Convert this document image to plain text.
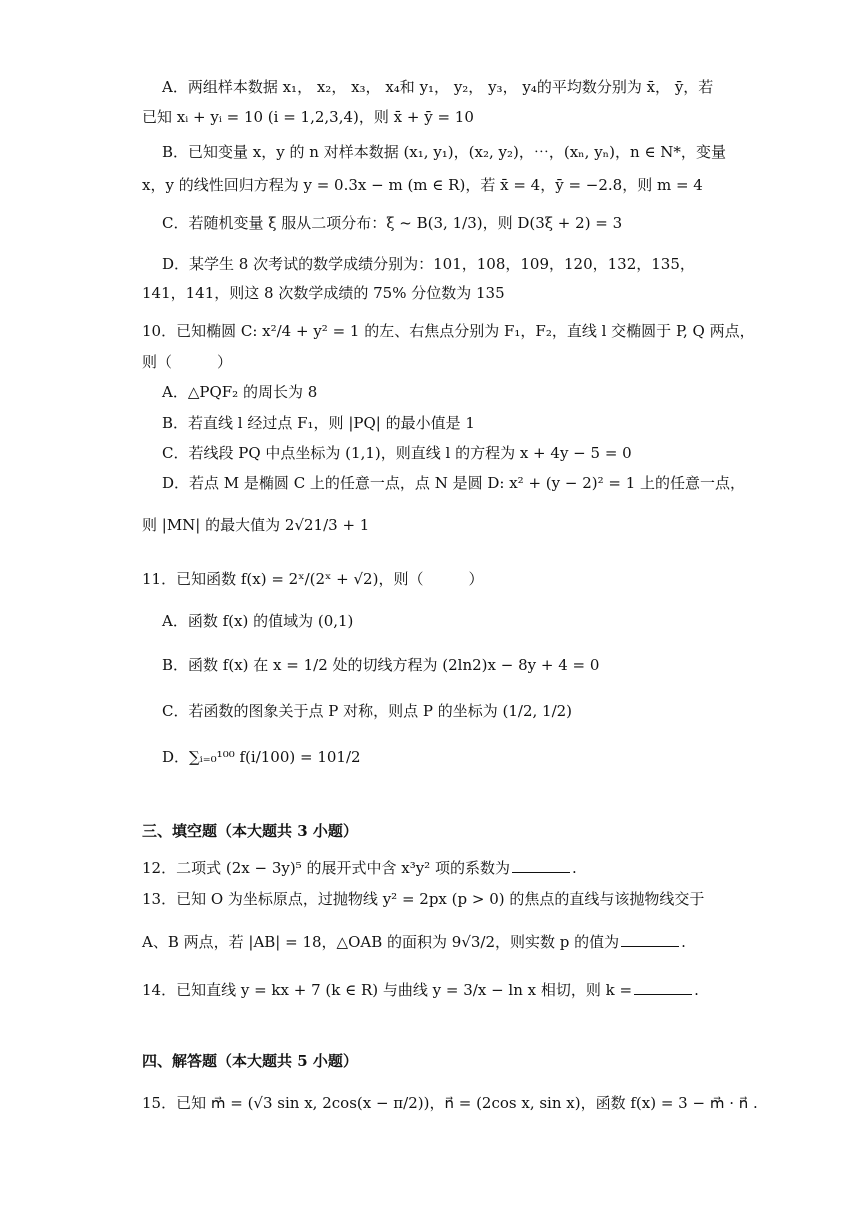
A．两组样本数据 x₁， x₂， x₃， x₄和 y₁， y₂， y₃， y₄的平均数分别为 x̄， ȳ，若
已知 xᵢ + yᵢ = 10 (i = 1,2,3,4)，则 x̄ + ȳ = 10
B．已知变量 x，y 的 n 对样本数据 (x₁, y₁)，(x₂, y₂)，⋯，(xₙ, yₙ)，n ∈ N*，变量
x，y 的线性回归方程为 y = 0.3x − m (m ∈ R)，若 x̄ = 4，ȳ = −2.8，则 m = 4
C．若随机变量 ξ 服从二项分布：ξ ~ B(3, 1/3)，则 D(3ξ + 2) = 3
D．某学生 8 次考试的数学成绩分别为：101，108，109，120，132，135，
141，141，则这 8 次数学成绩的 75% 分位数为 135
10．已知椭圆 C: x²/4 + y² = 1 的左、右焦点分别为 F₁，F₂，直线 l 交椭圆于 P, Q 两点，
则（　　　）
A．△PQF₂ 的周长为 8
B．若直线 l 经过点 F₁，则 |PQ| 的最小值是 1
C．若线段 PQ 中点坐标为 (1,1)，则直线 l 的方程为 x + 4y − 5 = 0
D．若点 M 是椭圆 C 上的任意一点，点 N 是圆 D: x² + (y − 2)² = 1 上的任意一点，
则 |MN| 的最大值为 2√21/3 + 1
11．已知函数 f(x) = 2ˣ/(2ˣ + √2)，则（　　　）
A．函数 f(x) 的值域为 (0,1)
B．函数 f(x) 在 x = 1/2 处的切线方程为 (2ln2)x − 8y + 4 = 0
C．若函数的图象关于点 P 对称，则点 P 的坐标为 (1/2, 1/2)
D．∑ᵢ₌₀¹⁰⁰ f(i/100) = 101/2
三、填空题（本大题共 3 小题）
12．二项式 (2x − 3y)⁵ 的展开式中含 x³y² 项的系数为	.
13．已知 O 为坐标原点，过抛物线 y² = 2px (p > 0) 的焦点的直线与该抛物线交于
A、B 两点，若 |AB| = 18，△OAB 的面积为 9√3/2，则实数 p 的值为	.
14．已知直线 y = kx + 7 (k ∈ R) 与曲线 y = 3/x − ln x 相切，则 k =	.
四、解答题（本大题共 5 小题）
15．已知 m⃗ = (√3 sin x, 2cos(x − π/2))，n⃗ = (2cos x, sin x)，函数 f(x) = 3 − m⃗ · n⃗ .
